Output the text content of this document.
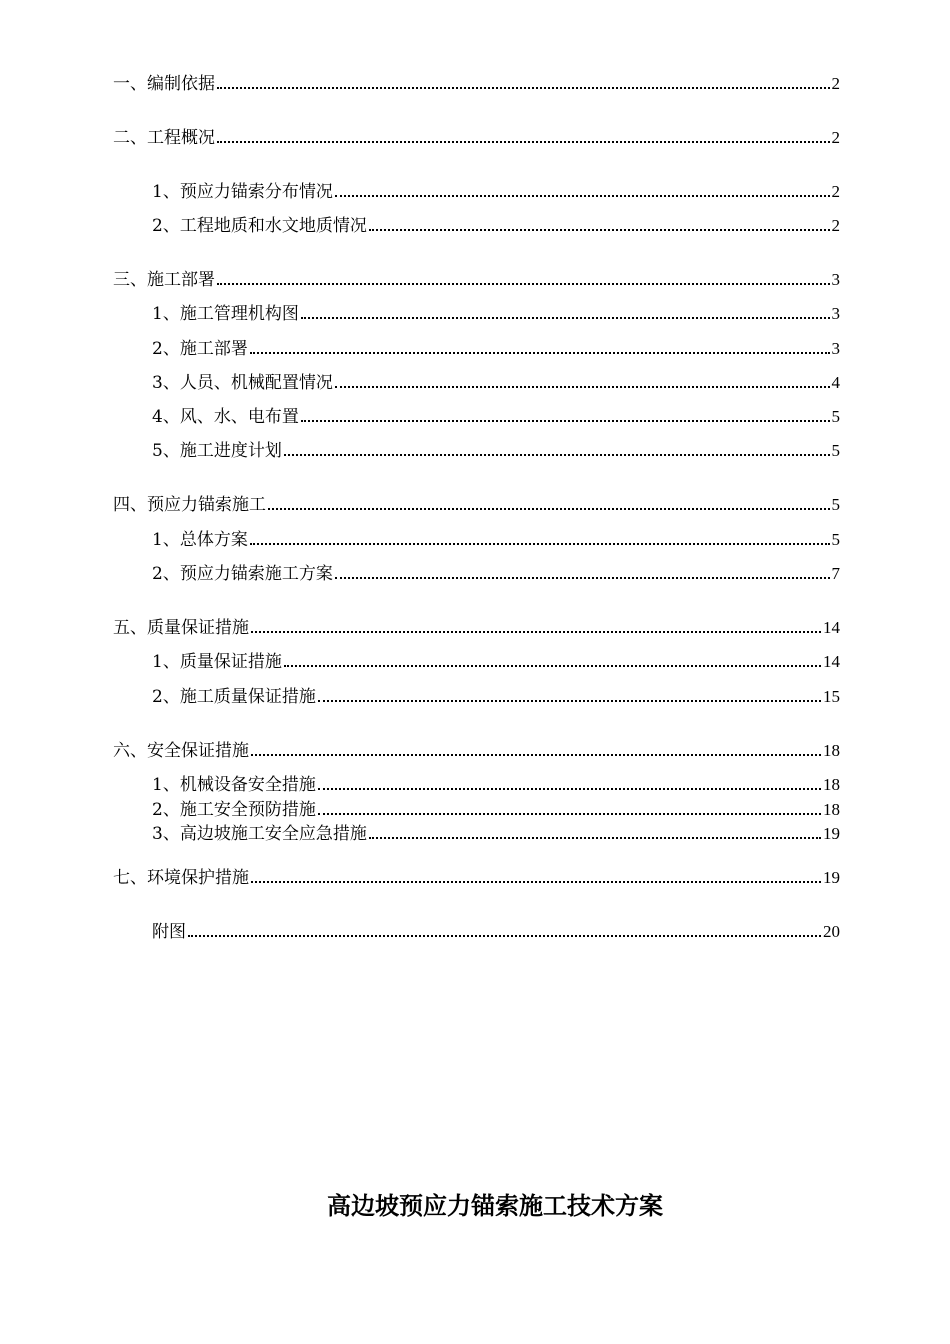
一、编制依据	2
二、工程概况	2
1、预应力锚索分布情况	2
2、工程地质和水文地质情况	2
三、施工部署	3
1、施工管理机构图	3
2、施工部署	3
3、人员、机械配置情况	4
4、风、水、电布置	5
5、施工进度计划	5
四、预应力锚索施工	5
1、总体方案	5
2、预应力锚索施工方案	7
五、质量保证措施	14
1、质量保证措施	14
2、施工质量保证措施	15
六、安全保证措施	18
1、机械设备安全措施	18
2、施工安全预防措施	18
3、高边坡施工安全应急措施	19
七、环境保护措施	19
附图	20
高边坡预应力锚索施工技术方案
